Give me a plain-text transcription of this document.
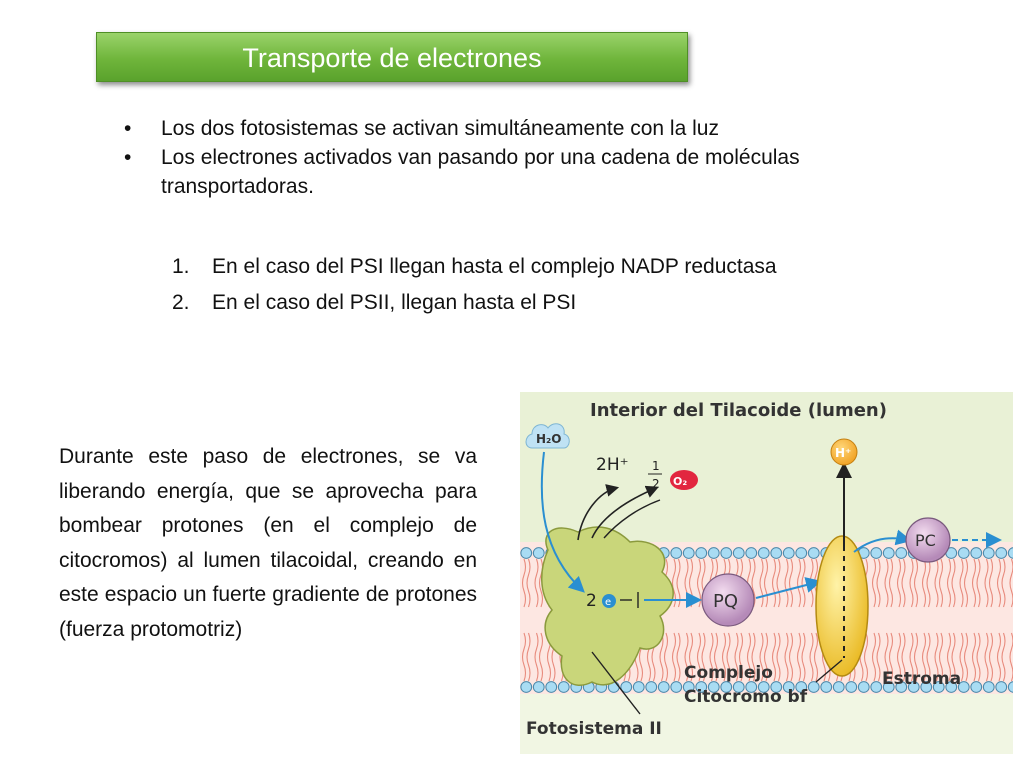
Transporte de electrones
• Los dos fotosistemas se activan simultáneamente con la luz
• Los electrones activados van pasando por una cadena de moléculas transportadoras.
1. En el caso del PSI llegan hasta el complejo NADP reductasa
2. En el caso del PSII, llegan hasta el PSI
Durante este paso de electrones, se va liberando energía, que se aprovecha para bombear protones (en el complejo de citocromos) al lumen tilacoidal, creando en este espacio un fuerte gradiente de protones (fuerza protomotriz)
Interior del Tilacoide (lumen)
H₂O
2H⁺ 1
2 O₂
2 e	PQ
H⁺
PC
Complejo
Citocromo bf
Estroma
Fotosistema II
